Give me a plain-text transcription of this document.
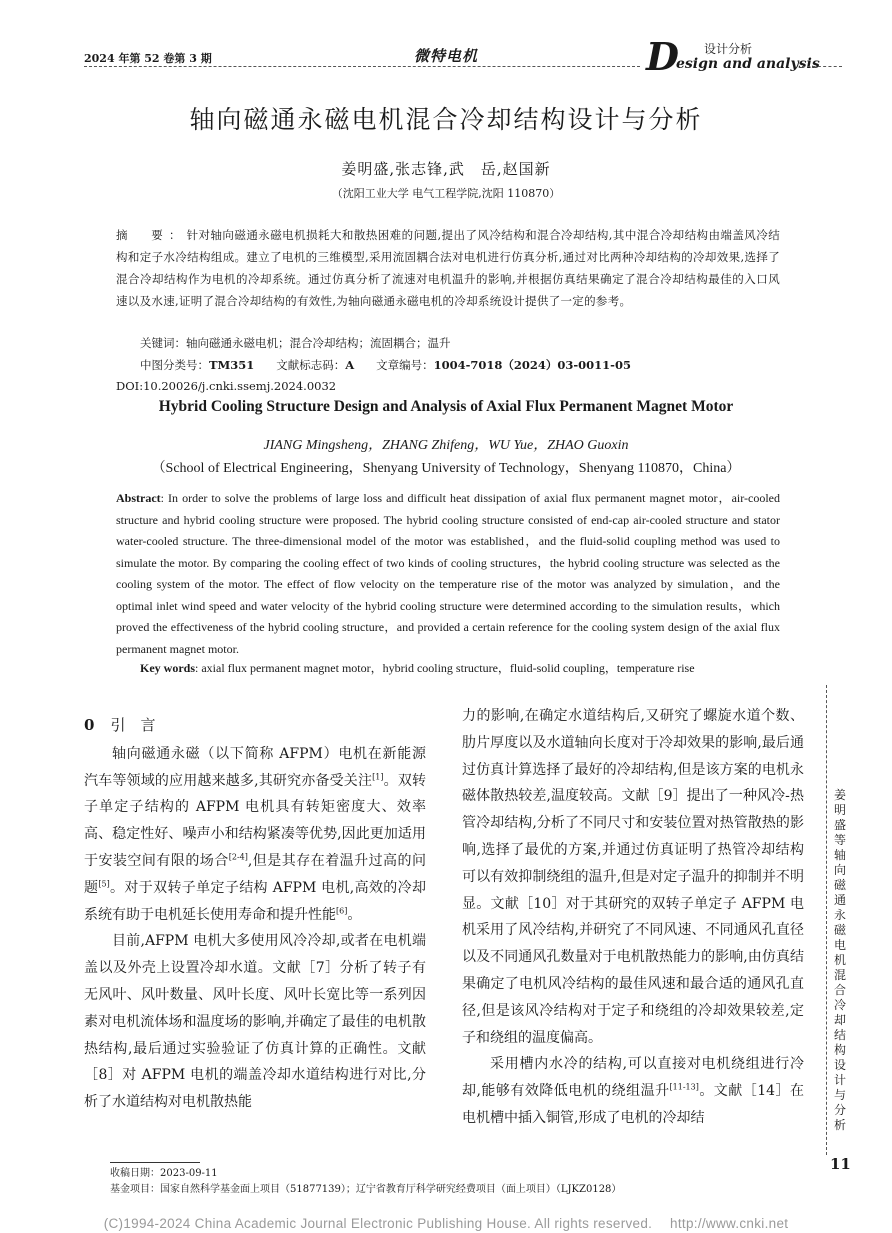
2024 年第 52 卷第 3 期	微特电机	D 设计分析
esign and analysis
轴向磁通永磁电机混合冷却结构设计与分析
姜明盛,张志锋,武　岳,赵国新
（沈阳工业大学 电气工程学院,沈阳 110870）
摘　要：针对轴向磁通永磁电机损耗大和散热困难的问题,提出了风冷结构和混合冷却结构,其中混合冷却结构由端盖风冷结构和定子水冷结构组成。建立了电机的三维模型,采用流固耦合法对电机进行仿真分析,通过对比两种冷却结构的冷却效果,选择了混合冷却结构作为电机的冷却系统。通过仿真分析了流速对电机温升的影响,并根据仿真结果确定了混合冷却结构最佳的入口风速以及水速,证明了混合冷却结构的有效性,为轴向磁通永磁电机的冷却系统设计提供了一定的参考。
关键词：轴向磁通永磁电机；混合冷却结构；流固耦合；温升
中图分类号：TM351 文献标志码：A 文章编号：1004-7018（2024）03-0011-05
DOI:10.20026/j.cnki.ssemj.2024.0032
Hybrid Cooling Structure Design and Analysis of Axial Flux Permanent Magnet Motor
JIANG Mingsheng，ZHANG Zhifeng，WU Yue，ZHAO Guoxin
（School of Electrical Engineering，Shenyang University of Technology，Shenyang 110870，China）
Abstract: In order to solve the problems of large loss and difficult heat dissipation of axial flux permanent magnet motor，air-cooled structure and hybrid cooling structure were proposed. The hybrid cooling structure consisted of end-cap air-cooled structure and stator water-cooled structure. The three-dimensional model of the motor was established，and the fluid-solid coupling method was used to simulate the motor. By comparing the cooling effect of two kinds of cooling structures，the hybrid cooling structure was selected as the cooling system of the motor. The effect of flow velocity on the temperature rise of the motor was analyzed by simulation，and the optimal inlet wind speed and water velocity of the hybrid cooling structure were determined according to the simulation results，which proved the effectiveness of the hybrid cooling structure，and provided a certain reference for the cooling system design of the axial flux permanent magnet motor.
Key words: axial flux permanent magnet motor，hybrid cooling structure，fluid-solid coupling，temperature rise
0 引　言
轴向磁通永磁（以下简称 AFPM）电机在新能源汽车等领域的应用越来越多,其研究亦备受关注[1]。双转子单定子结构的 AFPM 电机具有转矩密度大、效率高、稳定性好、噪声小和结构紧凑等优势,因此更加适用于安装空间有限的场合[2-4],但是其存在着温升过高的问题[5]。对于双转子单定子结构 AFPM 电机,高效的冷却系统有助于电机延长使用寿命和提升性能[6]。
目前,AFPM 电机大多使用风冷冷却,或者在电机端盖以及外壳上设置冷却水道。文献［7］分析了转子有无风叶、风叶数量、风叶长度、风叶长宽比等一系列因素对电机流体场和温度场的影响,并确定了最佳的电机散热结构,最后通过实验验证了仿真计算的正确性。文献［8］对 AFPM 电机的端盖冷却水道结构进行对比,分析了水道结构对电机散热能
力的影响,在确定水道结构后,又研究了螺旋水道个数、肋片厚度以及水道轴向长度对于冷却效果的影响,最后通过仿真计算选择了最好的冷却结构,但是该方案的电机永磁体散热较差,温度较高。文献［9］提出了一种风冷-热管冷却结构,分析了不同尺寸和安装位置对热管散热的影响,选择了最优的方案,并通过仿真证明了热管冷却结构可以有效抑制绕组的温升,但是对定子温升的抑制并不明显。文献［10］对于其研究的双转子单定子 AFPM 电机采用了风冷结构,并研究了不同风速、不同通风孔直径以及不同通风孔数量对于电机散热能力的影响,由仿真结果确定了电机风冷结构的最佳风速和最合适的通风孔直径,但是该风冷结构对于定子和绕组的冷却效果较差,定子和绕组的温度偏高。
采用槽内水冷的结构,可以直接对电机绕组进行冷却,能够有效降低电机的绕组温升[11-13]。文献［14］在电机槽中插入铜管,形成了电机的冷却结
收稿日期：2023-09-11
基金项目：国家自然科学基金面上项目（51877139）；辽宁省教育厅科学研究经费项目（面上项目）（LJKZ0128）
姜明盛等　轴向磁通永磁电机混合冷却结构设计与分析
11
(C)1994-2024 China Academic Journal Electronic Publishing House. All rights reserved.　 http://www.cnki.net
